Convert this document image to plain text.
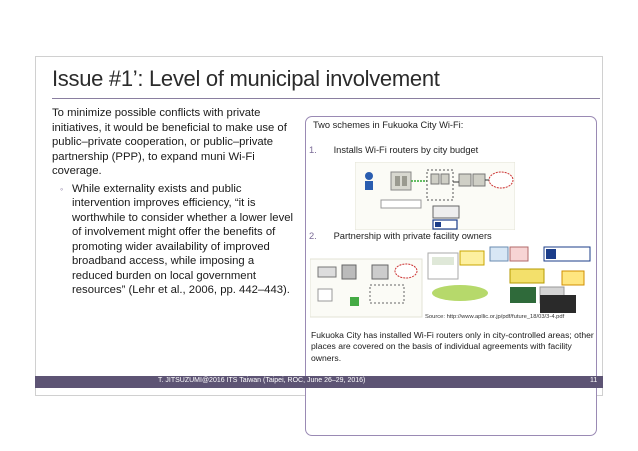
Issue #1’: Level of municipal involvement
To minimize possible conflicts with private initiatives, it would be beneficial to make use of public–private cooperation, or public–private partnership (PPP), to expand muni Wi-Fi coverage.
◦ While externality exists and public intervention improves efficiency, “it is worthwhile to consider whether a lower level of involvement might offer the benefits of promoting wider availability of improved broadband access, while imposing a reduced burden on local government resources” (Lehr et al., 2006, pp. 442–443).
Two schemes in Fukuoka City Wi-Fi:
1. Installs Wi-Fi routers by city budget
2. Partnership with private facility owners
Source: http://www.apllic.or.jp/pdf/future_18/03/3-4.pdf
Fukuoka City has installed Wi-Fi routers only in city-controlled areas; other places are covered on the basis of individual agreements with facility owners.
T. JITSUZUMI@2016 ITS Taiwan (Taipei, ROC, June 26–29, 2016)	11
